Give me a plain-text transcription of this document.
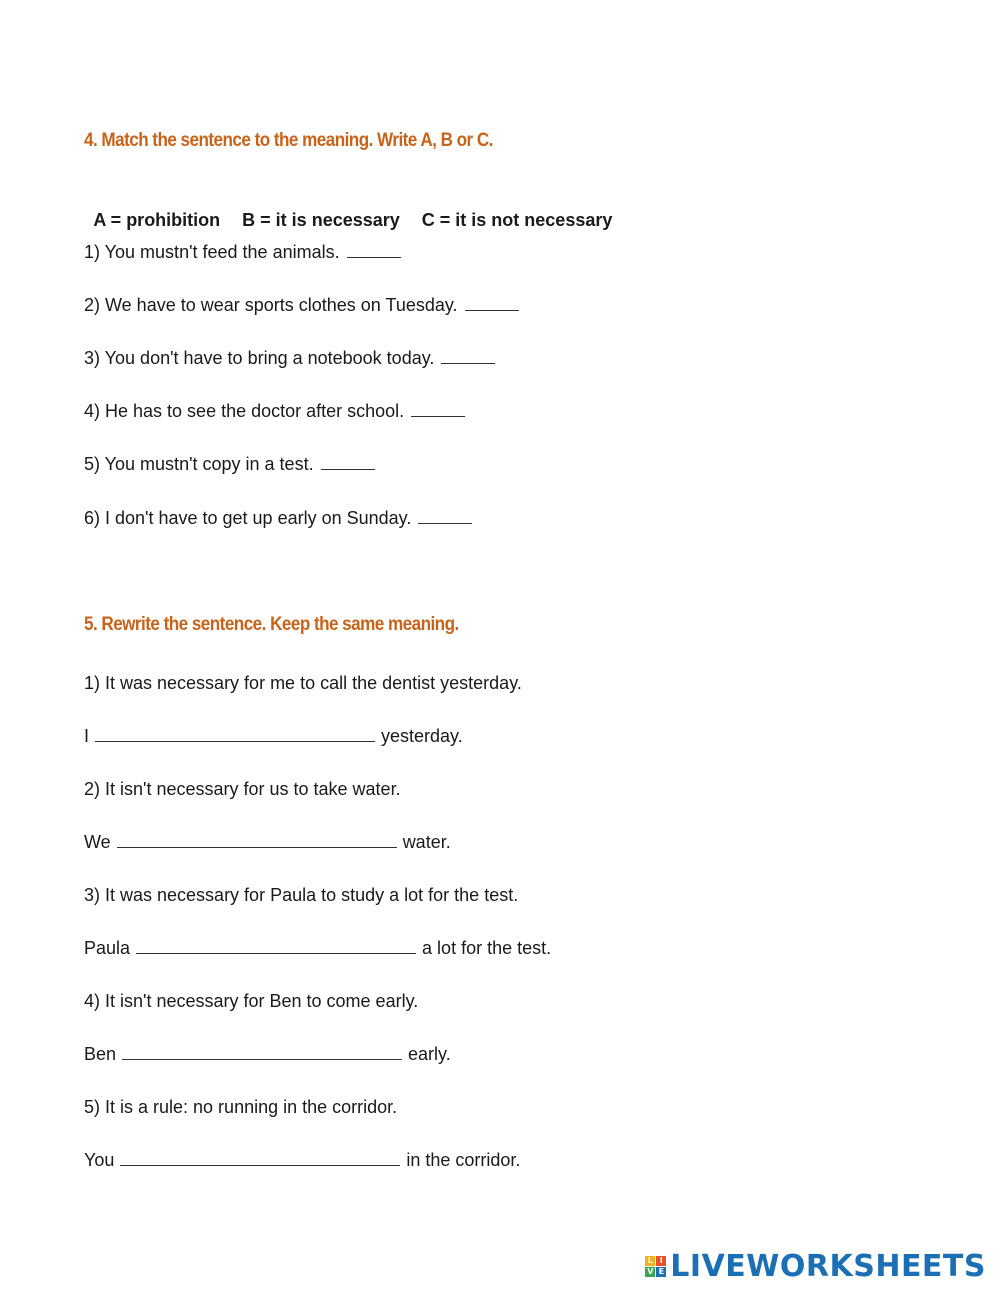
4. Match the sentence to the meaning. Write A, B or C.

A = prohibition B = it is necessary C = it is not necessary

1) You mustn't feed the animals.
2) We have to wear sports clothes on Tuesday.
3) You don't have to bring a notebook today.
4) He has to see the doctor after school.
5) You mustn't copy in a test.
6) I don't have to get up early on Sunday.
5. Rewrite the sentence. Keep the same meaning.
1) It was necessary for me to call the dentist yesterday.
I	yesterday.
2) It isn't necessary for us to take water.
We	water.
3) It was necessary for Paula to study a lot for the test.
Paula	a lot for the test.
4) It isn't necessary for Ben to come early.
Ben	early.
5) It is a rule: no running in the corridor.
You	in the corridor.
L I
V E LIVEWORKSHEETS
